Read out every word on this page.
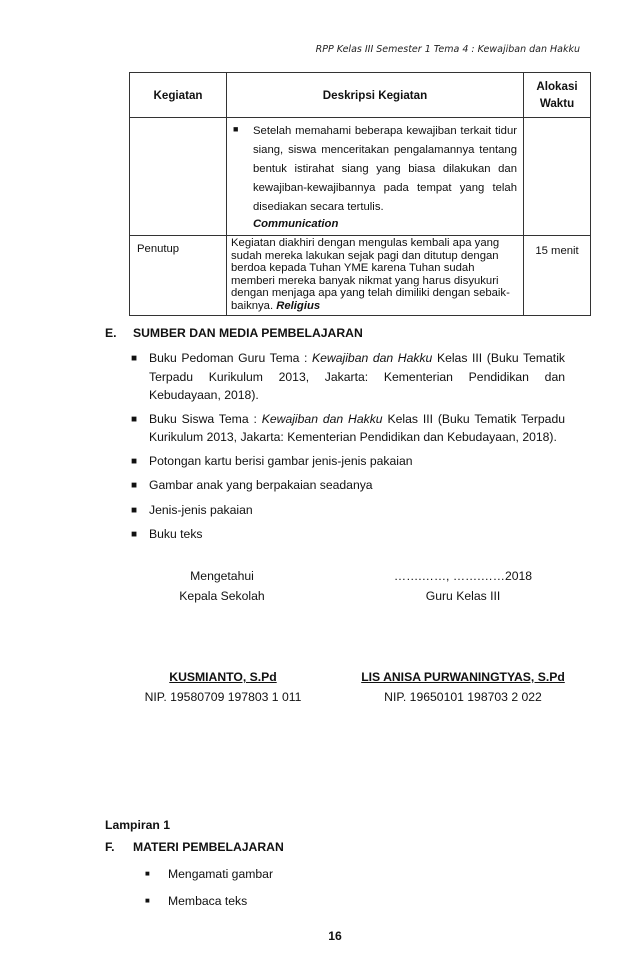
RPP Kelas III Semester 1 Tema 4 : Kewajiban dan Hakku
Kegiatan	Deskripsi Kegiatan	Alokasi
Waktu

	■ Setelah memahami beberapa kewajiban terkait tidur siang, siswa menceritakan pengalamannya tentang bentuk istirahat siang yang biasa dilakukan dan kewajiban-kewajibannya pada tempat yang telah disediakan secara tertulis.
Communication	

Penutup	Kegiatan diakhiri dengan mengulas kembali apa yang sudah mereka lakukan sejak pagi dan ditutup dengan berdoa kepada Tuhan YME karena Tuhan sudah memberi mereka banyak nikmat yang harus disyukuri dengan menjaga apa yang telah dimiliki dengan sebaik-baiknya. Religius	15 menit
E.	SUMBER DAN MEDIA PEMBELAJARAN
■ Buku Pedoman Guru Tema : Kewajiban dan Hakku Kelas III (Buku Tematik Terpadu Kurikulum 2013, Jakarta: Kementerian Pendidikan dan Kebudayaan, 2018).
■ Buku Siswa Tema : Kewajiban dan Hakku Kelas III (Buku Tematik Terpadu Kurikulum 2013, Jakarta: Kementerian Pendidikan dan Kebudayaan, 2018).
■ Potongan kartu berisi gambar jenis-jenis pakaian
■ Gambar anak yang berpakaian seadanya
■ Jenis-jenis pakaian
■ Buku teks
Mengetahui
Kepala Sekolah
…….……, …….……2018
Guru Kelas III
KUSMIANTO, S.Pd
NIP. 19580709 197803 1 011
LIS ANISA PURWANINGTYAS, S.Pd
NIP. 19650101 198703 2 022
Lampiran 1
F.	MATERI PEMBELAJARAN
■	Mengamati gambar
■	Membaca teks
16
